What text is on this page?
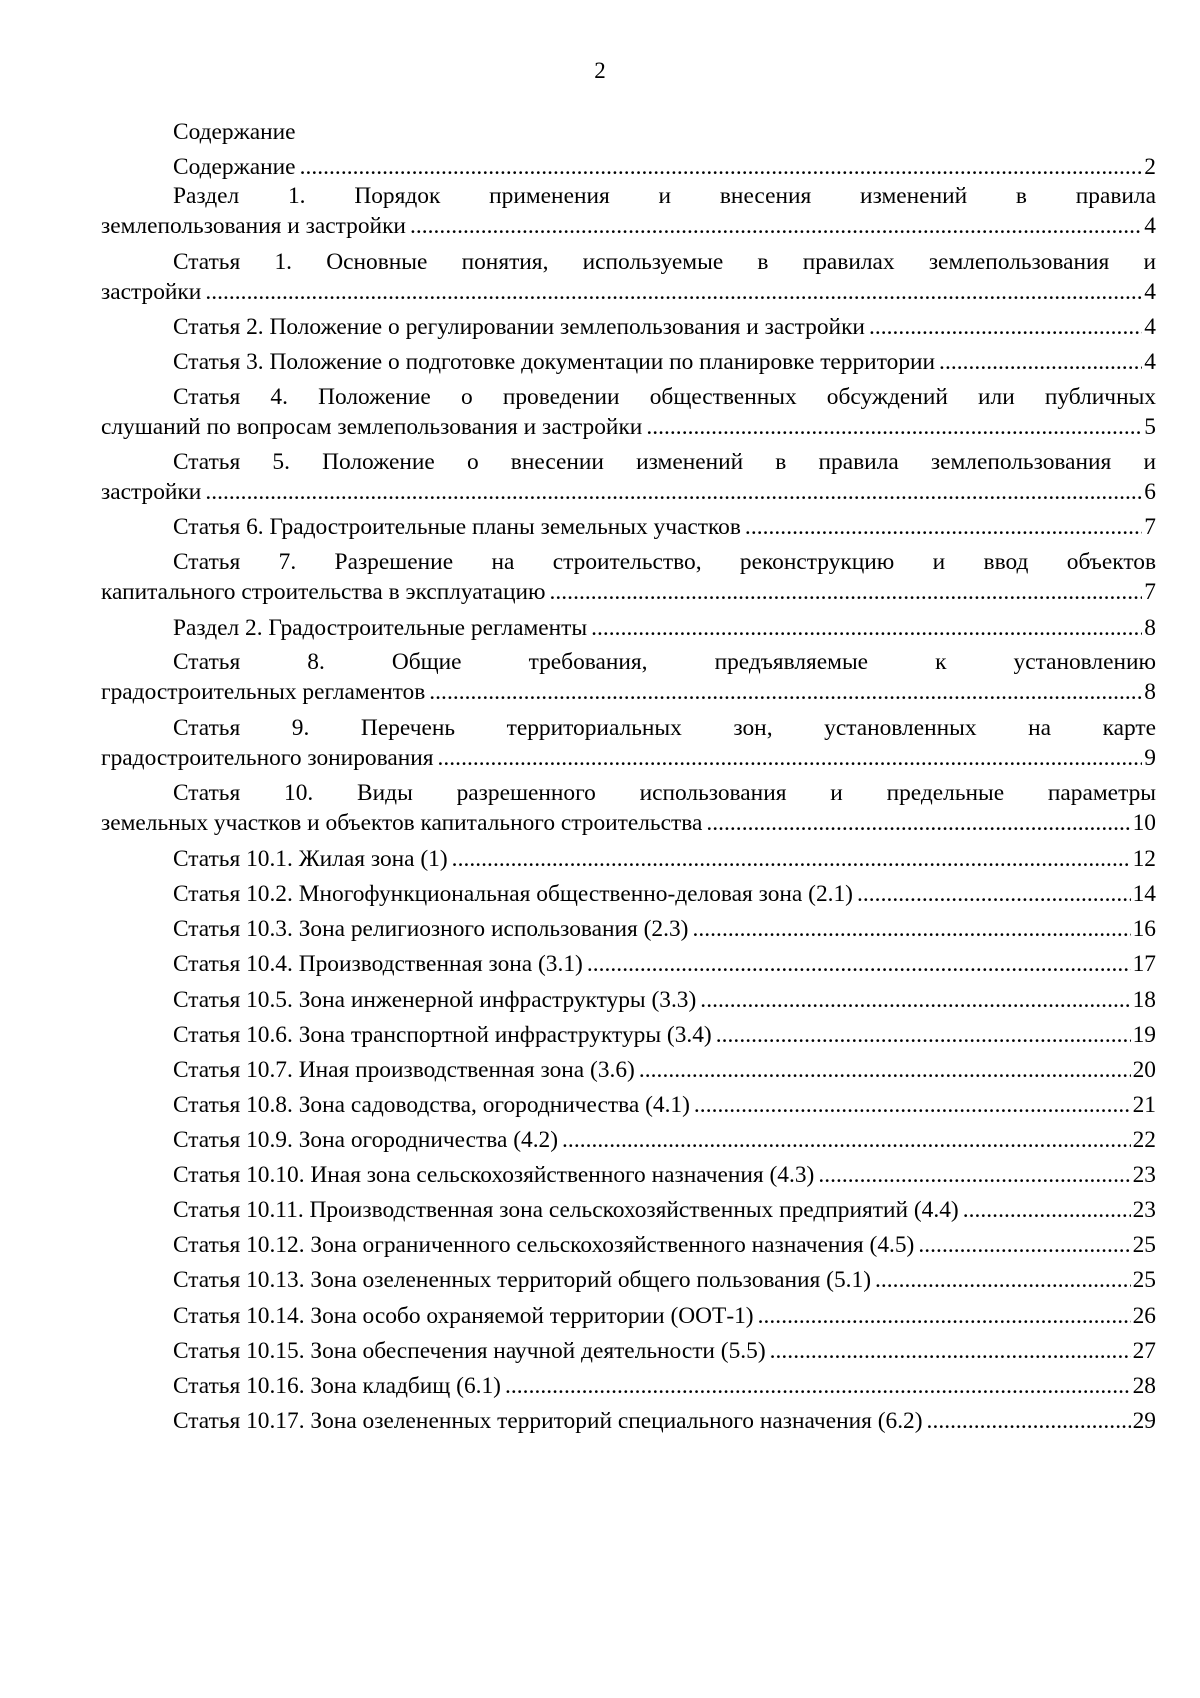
2
Содержание
Содержание . . .	2
Раздел 1. Порядок применения и внесения изменений в правила
землепользования и застройки . . .	4
Статья 1. Основные понятия, используемые в правилах землепользования и
застройки . . .	4
Статья 2. Положение о регулировании землепользования и застройки . . .	4
Статья 3. Положение о подготовке документации по планировке территории . . .	4
Статья 4. Положение о проведении общественных обсуждений или публичных
слушаний по вопросам землепользования и застройки . . .	5
Статья 5. Положение о внесении изменений в правила землепользования и
застройки . . .	6
Статья 6. Градостроительные планы земельных участков . . .	7
Статья 7. Разрешение на строительство, реконструкцию и ввод объектов
капитального строительства в эксплуатацию . . .	7
Раздел 2. Градостроительные регламенты . . .	8
Статья 8. Общие требования, предъявляемые к установлению
градостроительных регламентов . . .	8
Статья 9. Перечень территориальных зон, установленных на карте
градостроительного зонирования . . .	9
Статья 10. Виды разрешенного использования и предельные параметры
земельных участков и объектов капитального строительства . . .	10
Статья 10.1. Жилая зона (1) . . .	12
Статья 10.2. Многофункциональная общественно-деловая зона (2.1) . . .	14
Статья 10.3. Зона религиозного использования (2.3) . . .	16
Статья 10.4. Производственная зона (3.1) . . .	17
Статья 10.5. Зона инженерной инфраструктуры (3.3) . . .	18
Статья 10.6. Зона транспортной инфраструктуры (3.4) . . .	19
Статья 10.7. Иная производственная зона (3.6) . . .	20
Статья 10.8. Зона садоводства, огородничества (4.1) . . .	21
Статья 10.9. Зона огородничества (4.2) . . .	22
Статья 10.10. Иная зона сельскохозяйственного назначения (4.3) . . .	23
Статья 10.11. Производственная зона сельскохозяйственных предприятий (4.4) . . .	23
Статья 10.12. Зона ограниченного сельскохозяйственного назначения (4.5) . . .	25
Статья 10.13. Зона озелененных территорий общего пользования (5.1) . . .	25
Статья 10.14. Зона особо охраняемой территории (ООТ-1) . . .	26
Статья 10.15. Зона обеспечения научной деятельности (5.5) . . .	27
Статья 10.16. Зона кладбищ (6.1) . . .	28
Статья 10.17. Зона озелененных территорий специального назначения (6.2) . . .	29
